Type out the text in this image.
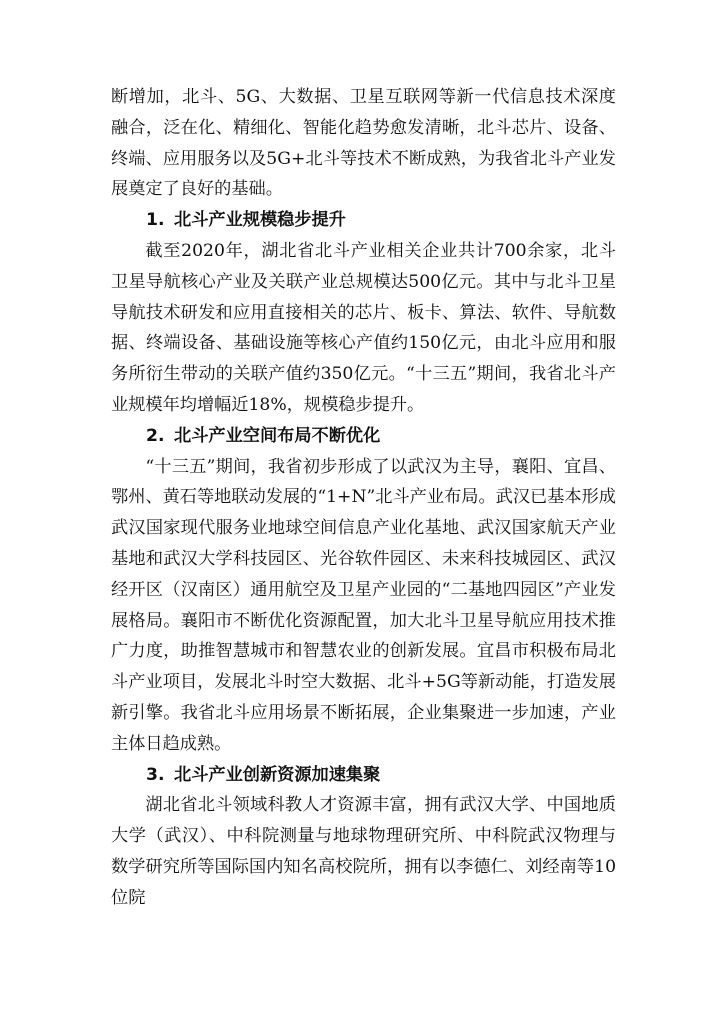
断增加，北斗、5G、大数据、卫星互联网等新一代信息技术深度融合，泛在化、精细化、智能化趋势愈发清晰，北斗芯片、设备、终端、应用服务以及5G+北斗等技术不断成熟，为我省北斗产业发展奠定了良好的基础。

1. 北斗产业规模稳步提升

截至2020年，湖北省北斗产业相关企业共计700余家，北斗卫星导航核心产业及关联产业总规模达500亿元。其中与北斗卫星导航技术研发和应用直接相关的芯片、板卡、算法、软件、导航数据、终端设备、基础设施等核心产值约150亿元，由北斗应用和服务所衍生带动的关联产值约350亿元。“十三五”期间，我省北斗产业规模年均增幅近18%，规模稳步提升。

2. 北斗产业空间布局不断优化

“十三五”期间，我省初步形成了以武汉为主导，襄阳、宜昌、鄂州、黄石等地联动发展的“1+N”北斗产业布局。武汉已基本形成武汉国家现代服务业地球空间信息产业化基地、武汉国家航天产业基地和武汉大学科技园区、光谷软件园区、未来科技城园区、武汉经开区（汉南区）通用航空及卫星产业园的“二基地四园区”产业发展格局。襄阳市不断优化资源配置，加大北斗卫星导航应用技术推广力度，助推智慧城市和智慧农业的创新发展。宜昌市积极布局北斗产业项目，发展北斗时空大数据、北斗+5G等新动能，打造发展新引擎。我省北斗应用场景不断拓展，企业集聚进一步加速，产业主体日趋成熟。

3. 北斗产业创新资源加速集聚

湖北省北斗领域科教人才资源丰富，拥有武汉大学、中国地质大学（武汉）、中科院测量与地球物理研究所、中科院武汉物理与数学研究所等国际国内知名高校院所，拥有以李德仁、刘经南等10位院
